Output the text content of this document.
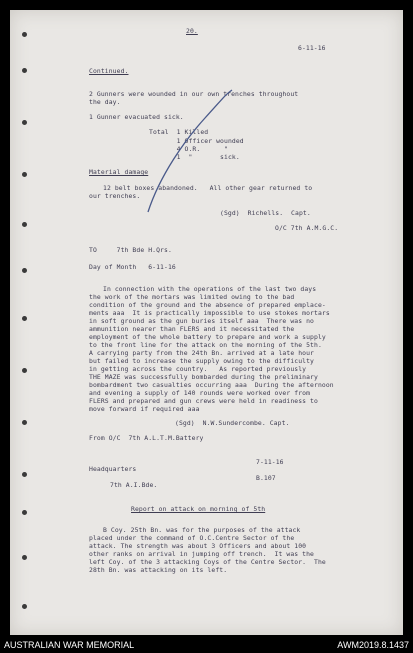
20.
6-11-16
Continued.
2 Gunners were wounded in our own trenches throughout
the day.
1 Gunner evacuated sick.
Total  1 Killed
1 Officer wounded
4 O.R.      "
1  "       sick.
Material damage
12 belt boxes abandoned.   All other gear returned to
our trenches.
(Sgd)  Richells.  Capt.
O/C 7th A.M.G.C.
TO     7th Bde H.Qrs.
Day of Month   6-11-16
In connection with the operations of the last two days
the work of the mortars was limited owing to the bad
condition of the ground and the absence of prepared emplace-
ments aaa  It is practically impossible to use stokes mortars
in soft ground as the gun buries itself aaa  There was no
ammunition nearer than FLERS and it necessitated the
employment of the whole battery to prepare and work a supply
to the front line for the attack on the morning of the 5th.
A carrying party from the 24th Bn. arrived at a late hour
but failed to increase the supply owing to the difficulty
in getting across the country.   As reported previously
THE MAZE was successfully bombarded during the preliminary
bombardment two casualties occurring aaa  During the afternoon
and evening a supply of 140 rounds were worked over from
FLERS and prepared and gun crews were held in readiness to
move forward if required aaa
(Sgd)  N.W.Sundercombe. Capt.
From O/C  7th A.L.T.M.Battery
7-11-16
Headquarters
B.107
7th A.I.Bde.
Report on attack on morning of 5th
B Coy. 25th Bn. was for the purposes of the attack
placed under the command of O.C.Centre Sector of the
attack. The strength was about 3 Officers and about 100
other ranks on arrival in jumping off trench.  It was the
left Coy. of the 3 attacking Coys of the Centre Sector.  The
28th Bn. was attacking on its left.
AUSTRALIAN WAR MEMORIAL	AWM2019.8.1437
